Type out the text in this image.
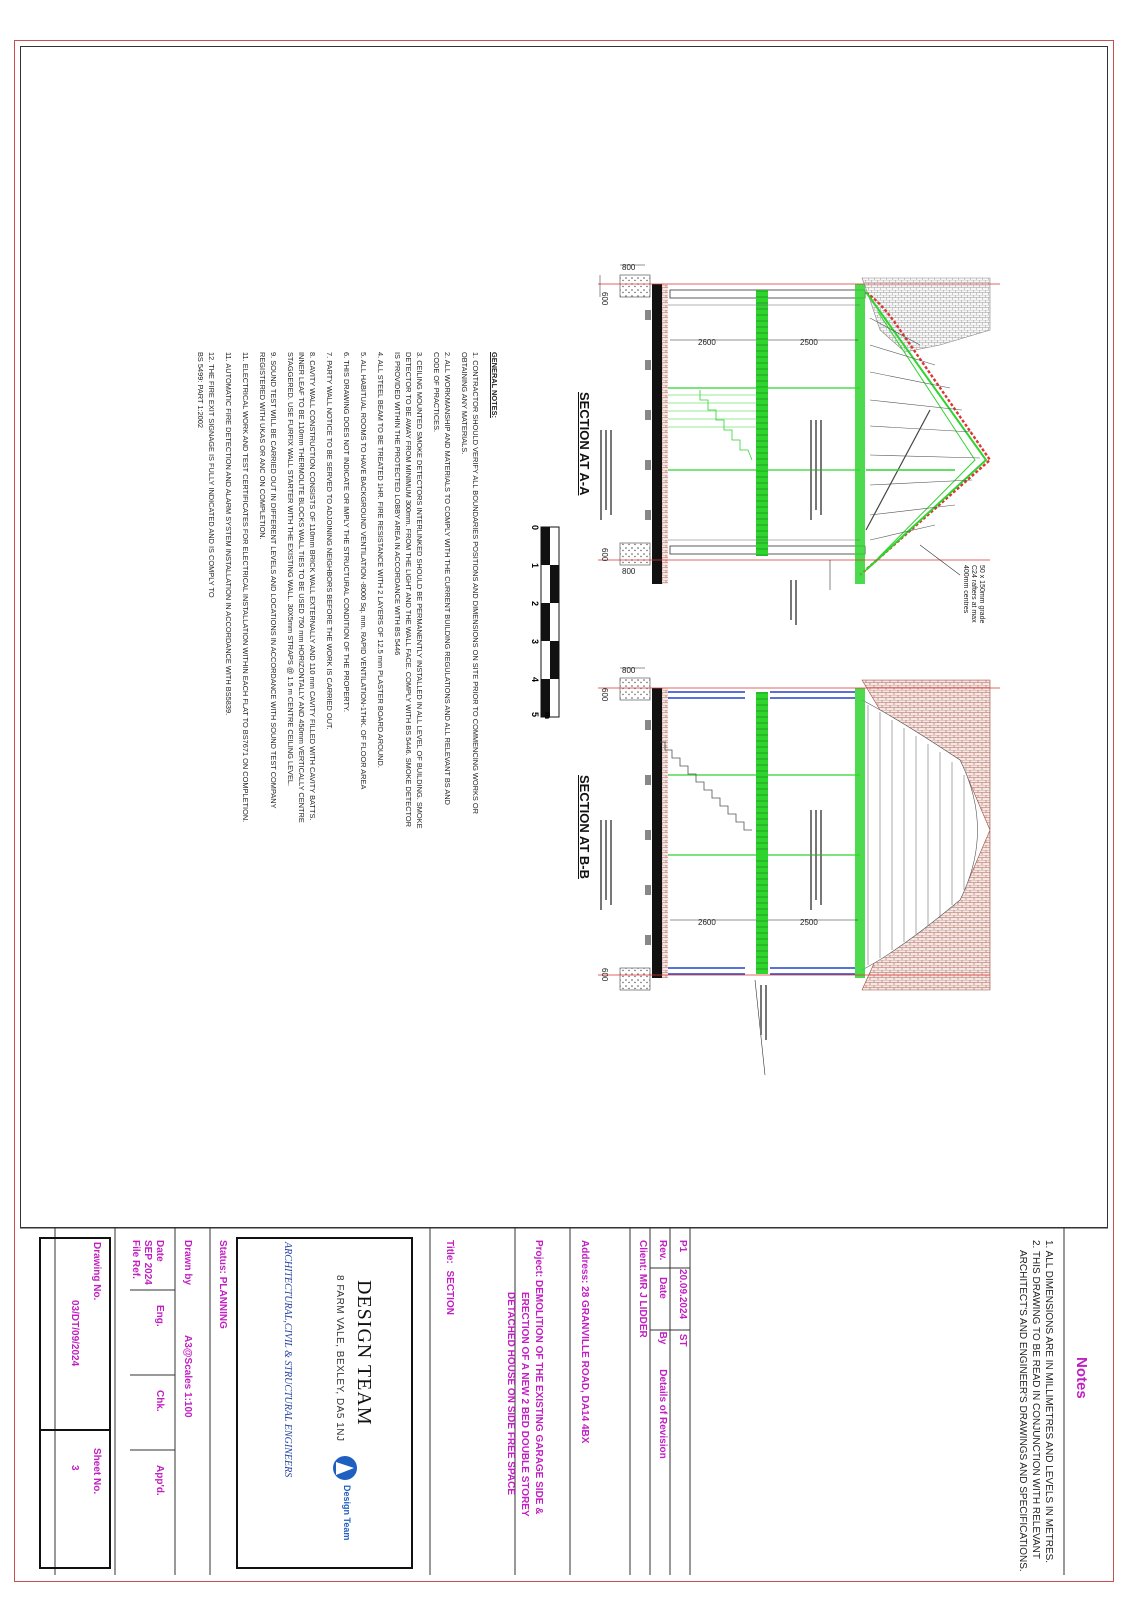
2600	2500
800
600
600
800
2600	2500
800
600
600
Notes
1. ALL DIMENSIONS ARE IN MILLIMETRES AND LEVELS IN METRES.
2. THIS DRAWING TO BE READ IN CONJUNCTION WITH RELEVANT
ARCHITECT'S AND ENGINEER'S DRAWINGS AND SPECIFICATIONS.
P1 20.09.2024 ST
Rev. Date By Details of Revision
Client: MR J LIDDER
Address: 28 GRANVILLE ROAD, DA14 4BX
Project: DEMOLITION OF THE EXISTING GARAGE SIDE &
ERECTION OF A NEW 2 BED DOUBLE STOREY
DETACHED HOUSE ON SIDE FREE SPACE
Title: SECTION
DESIGN TEAM
8 FARM VALE, BEXLEY, DA5 1NJ
Design Team
ARCHITECTURAL,CIVIL & STRUCTURAL ENGINEERS
Status: PLANNING
Drawn byA3@Scales 1:100
Date
SEP 2024
Eng.
Chk.
App'd.
File Ref.
Drawing No.
03/DT/09/2024
Sheet No.
3
SECTION AT A-A
SECTION AT B-B
50 x 150mm grade
C24 rafters at max
400mm centres
0
1
2
3
4
5 m
GENERAL NOTES:
1. CONTRACTOR SHOULD VERIFY ALL BOUNDARIES POSITIONS AND DIMENSIONS ON SITE PRIOR TO COMMENCING WORKS OR
OBTAINING ANY MATERIALS.
2. ALL WORKMANSHIP AND MATERIALS TO COMPLY WITH THE CURRENT BUILDING REGULATIONS AND ALL RELEVANT BS AND
CODE OF PRACTICES.
3. CEILING MOUNTED SMOKE DETECTORS INTERLINKED SHOULD BE PERMANENTLY INSTALLED IN ALL LEVEL OF BUILDING. SMOKE
DETECTOR TO BE AWAY FROM MINIMUM 300mm. FROM THE LIGHT AND THE WALL FACE. COMPLY WITH BS 5446. SMOKE DETECTOR
IS PROVIDED WITHIN THE PROTECTED LOBBY AREA IN ACCORDANCE WITH BS 5446
4. ALL STEEL BEAM TO BE TREATED 1HR. FIRE RESISTANCE WITH 2 LAYERS OF 12.5 mm PLASTER BOARD AROUND.
5. ALL HABITUAL ROOMS TO HAVE BACKGROUND VENTILATION -8000 Sq. mm. RAPID VENTILATION-1THK. OF FLOOR AREA
6. THIS DRAWING DOES NOT INDICATE OR IMPLY THE STRUCTURAL CONDITION OF THE PROPERTY.
7. PARTY WALL NOTICE TO BE SERVED TO ADJOINING NEIGHBORS BEFORE THE WORK IS CARRIED OUT.
8. CAVITY WALL CONSTRUCTION CONSISTS OF 110mm BRICK WALL EXTERNALLY AND 110 mm CAVITY FILLED WITH CAVITY BATTS.
INNER LEAF TO BE 110mm THERMOLITE BLOCKS WALL TIES TO BE USED 750 mm HORIZONTALLY AND 450mm VERTICALLY CENTRE
STAGGERED. USE FURFIX WALL STARTER WITH THE EXISTING WALL. 30X5mm STRAPS @ 1.5 m CENTRE CEILING LEVEL.
9. SOUND TEST WILL BE CARRIED OUT IN DIFFERENT LEVELS AND LOCATIONS IN ACCORDANCE WITH SOUND TEST COMPANY
REGISTERED WITH UKAS OR ANC ON COMPLETION.
11. ELECTRICAL WORK AND TEST CERTIFICATES FOR ELECTRICAL INSTALLATION WITHIN EACH FLAT TO BS7671 ON COMPLETION.
11. AUTOMATIC FIRE DETECTION AND ALARM SYSTEM INSTALLATION IN ACCORDANCE WITH BS5839.
12. THE FIRE EXIT SIGNAGE IS FULLY INDICATED AND IS COMPLY TO
BS 5499: PART 1:2002
